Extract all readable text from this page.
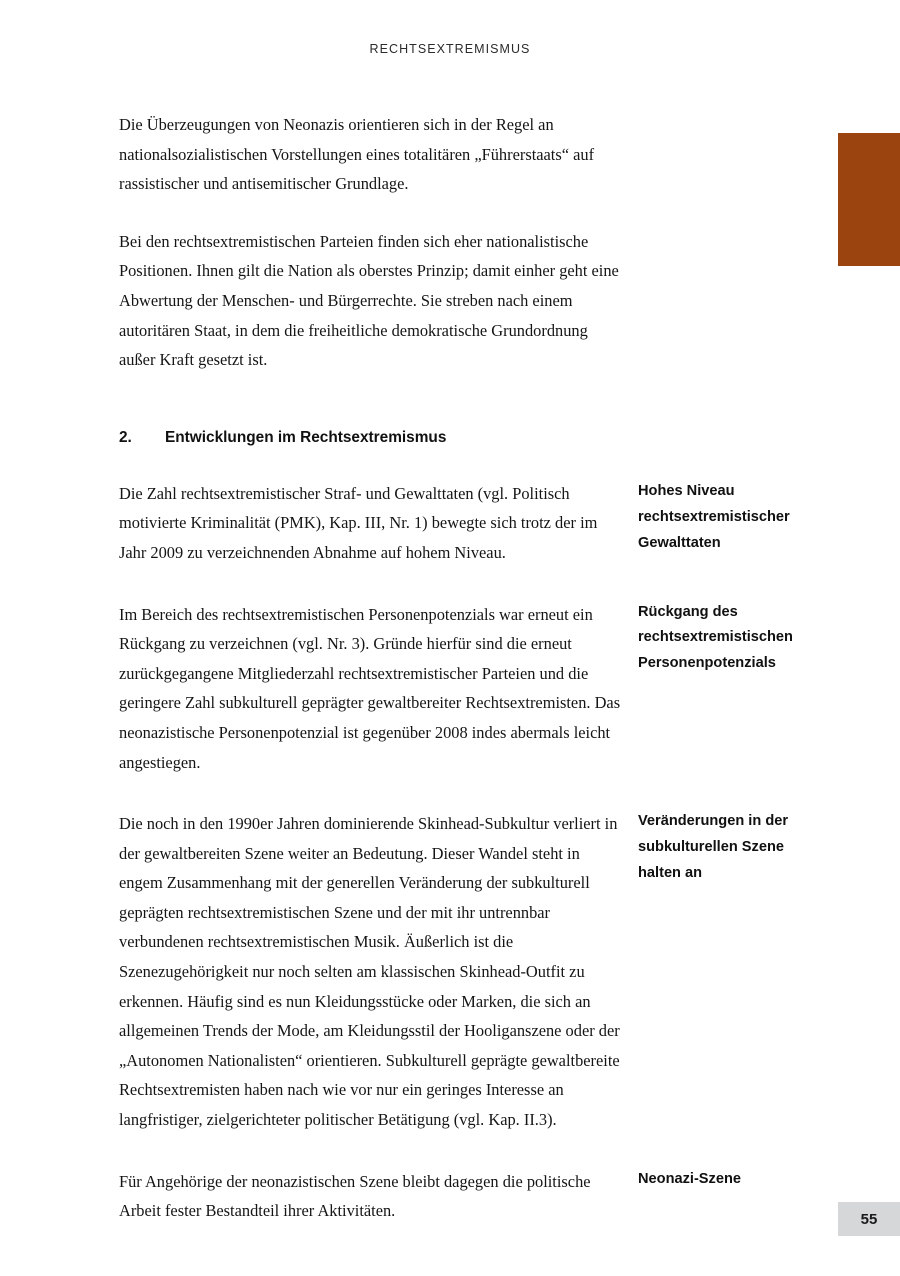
RECHTSEXTREMISMUS

Die Überzeugungen von Neonazis orientieren sich in der Regel an nationalsozialistischen Vorstellungen eines totalitären „Führerstaats“ auf rassistischer und antisemitischer Grundlage.

Bei den rechtsextremistischen Parteien finden sich eher nationalistische Positionen. Ihnen gilt die Nation als oberstes Prinzip; damit einher geht eine Abwertung der Menschen- und Bürgerrechte. Sie streben nach einem autoritären Staat, in dem die freiheitliche demokratische Grundordnung außer Kraft gesetzt ist.

2.	Entwicklungen im Rechtsextremismus

Die Zahl rechtsextremistischer Straf- und Gewalttaten (vgl. Politisch motivierte Kriminalität (PMK), Kap. III, Nr. 1) bewegte sich trotz der im Jahr 2009 zu verzeichnenden Abnahme auf hohem Niveau.

Hohes Niveau rechtsextremistischer Gewalttaten

Im Bereich des rechtsextremistischen Personenpotenzials war erneut ein Rückgang zu verzeichnen (vgl. Nr. 3). Gründe hierfür sind die erneut zurückgegangene Mitgliederzahl rechtsextremistischer Parteien und die geringere Zahl subkulturell geprägter gewaltbereiter Rechtsextremisten. Das neonazistische Personenpotenzial ist gegenüber 2008 indes abermals leicht angestiegen.

Rückgang des rechtsextremistischen Personenpotenzials

Die noch in den 1990er Jahren dominierende Skinhead-Subkultur verliert in der gewaltbereiten Szene weiter an Bedeutung. Dieser Wandel steht in engem Zusammenhang mit der generellen Veränderung der subkulturell geprägten rechtsextremistischen Szene und der mit ihr untrennbar verbundenen rechtsextremistischen Musik. Äußerlich ist die Szenezugehörigkeit nur noch selten am klassischen Skinhead-Outfit zu erkennen. Häufig sind es nun Kleidungsstücke oder Marken, die sich an allgemeinen Trends der Mode, am Kleidungsstil der Hooliganszene oder der „Autonomen Nationalisten“ orientieren. Subkulturell geprägte gewaltbereite Rechtsextremisten haben nach wie vor nur ein geringes Interesse an langfristiger, zielgerichteter politischer Betätigung (vgl. Kap. II.3).

Veränderungen in der subkulturellen Szene halten an

Für Angehörige der neonazistischen Szene bleibt dagegen die politische Arbeit fester Bestandteil ihrer Aktivitäten.

Neonazi-Szene
55
